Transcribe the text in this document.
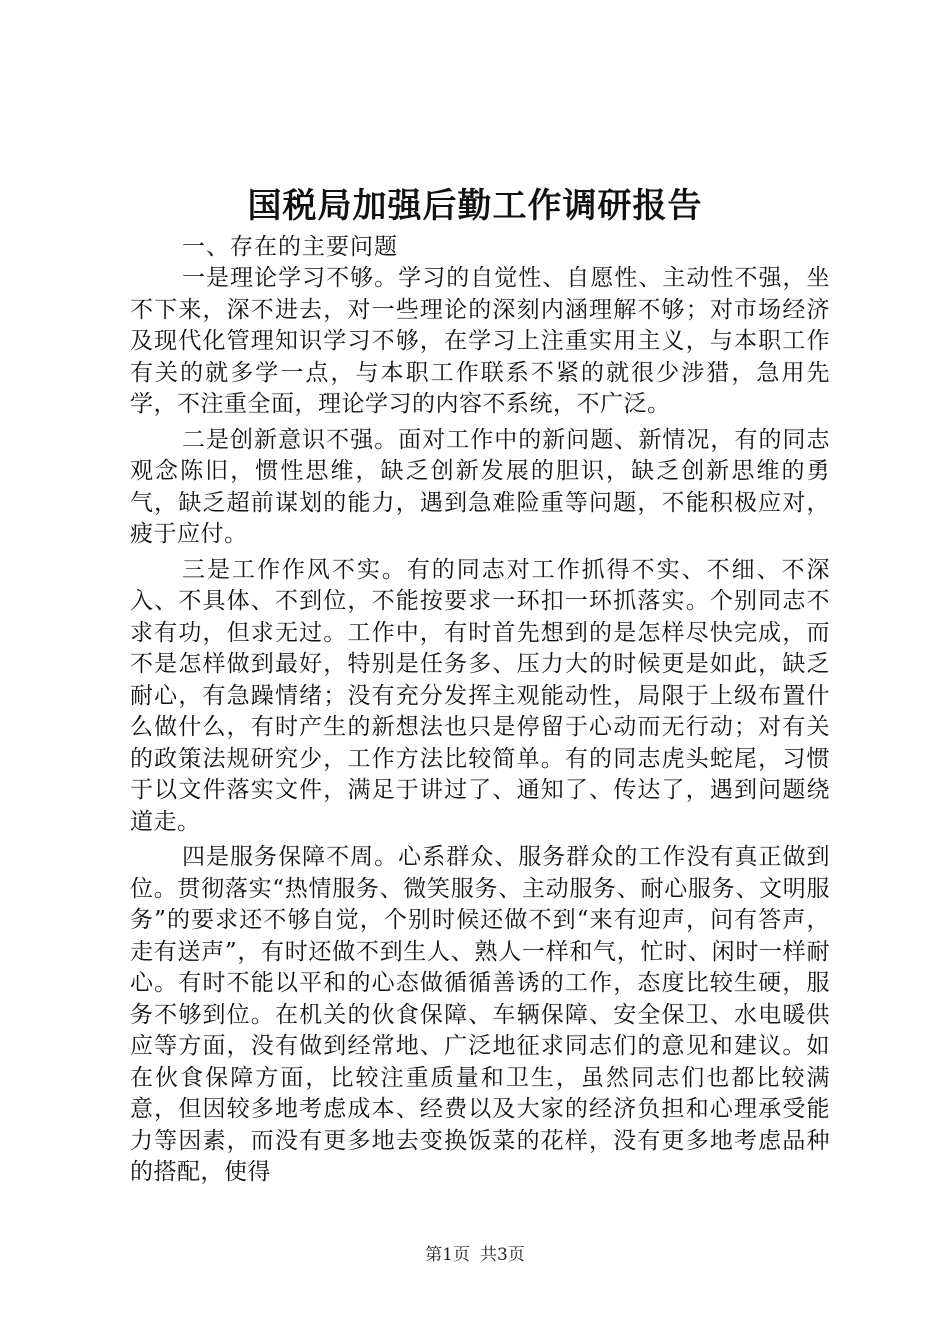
国税局加强后勤工作调研报告

一、存在的主要问题

一是理论学习不够。学习的自觉性、自愿性、主动性不强，坐不下来，深不进去，对一些理论的深刻内涵理解不够；对市场经济及现代化管理知识学习不够，在学习上注重实用主义，与本职工作有关的就多学一点，与本职工作联系不紧的就很少涉猎，急用先学，不注重全面，理论学习的内容不系统，不广泛。

二是创新意识不强。面对工作中的新问题、新情况，有的同志观念陈旧，惯性思维，缺乏创新发展的胆识，缺乏创新思维的勇气，缺乏超前谋划的能力，遇到急难险重等问题，不能积极应对，疲于应付。

三是工作作风不实。有的同志对工作抓得不实、不细、不深入、不具体、不到位，不能按要求一环扣一环抓落实。个别同志不求有功，但求无过。工作中，有时首先想到的是怎样尽快完成，而不是怎样做到最好，特别是任务多、压力大的时候更是如此，缺乏耐心，有急躁情绪；没有充分发挥主观能动性，局限于上级布置什么做什么，有时产生的新想法也只是停留于心动而无行动；对有关的政策法规研究少，工作方法比较简单。有的同志虎头蛇尾，习惯于以文件落实文件，满足于讲过了、通知了、传达了，遇到问题绕道走。

四是服务保障不周。心系群众、服务群众的工作没有真正做到位。贯彻落实“热情服务、微笑服务、主动服务、耐心服务、文明服务”的要求还不够自觉，个别时候还做不到“来有迎声，问有答声，走有送声”，有时还做不到生人、熟人一样和气，忙时、闲时一样耐心。有时不能以平和的心态做循循善诱的工作，态度比较生硬，服务不够到位。在机关的伙食保障、车辆保障、安全保卫、水电暖供应等方面，没有做到经常地、广泛地征求同志们的意见和建议。如在伙食保障方面，比较注重质量和卫生，虽然同志们也都比较满意，但因较多地考虑成本、经费以及大家的经济负担和心理承受能力等因素，而没有更多地去变换饭菜的花样，没有更多地考虑品种的搭配，使得

第1页 共3页
